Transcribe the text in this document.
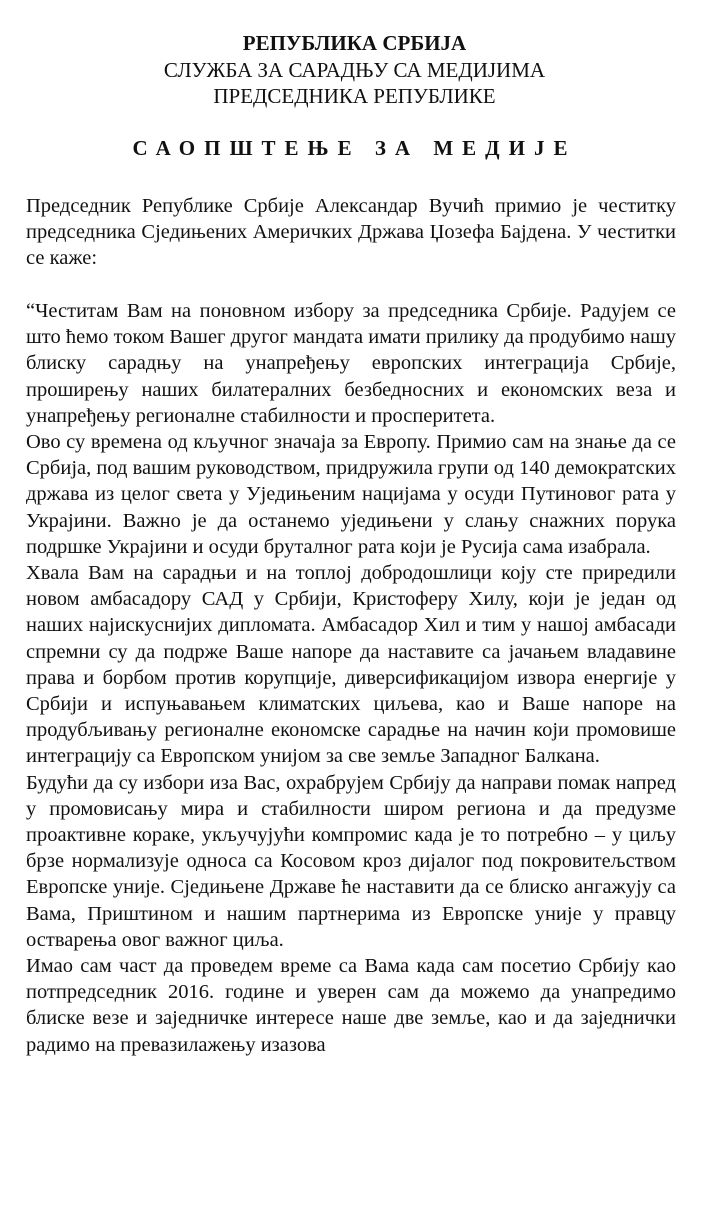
РЕПУБЛИКА СРБИЈА
СЛУЖБА ЗА САРАДЊУ СА МЕДИЈИМА
ПРЕДСЕДНИКА РЕПУБЛИКЕ
САОПШТЕЊЕ ЗА МЕДИЈЕ
Председник Републике Србије Александар Вучић примио је честитку председника Сједињених Америчких Држава Џозефа Бајдена. У честитки се каже:

“Честитам Вам на поновном избору за председника Србије. Радујем се што ћемо током Вашег другог мандата имати прилику да продубимо нашу блиску сарадњу на унапређењу европских интеграција Србије, проширењу наших билатералних безбедносних и економских веза и унапређењу регионалне стабилности и просперитета.

Ово су времена од кључног значаја за Европу. Примио сам на знање да се Србија, под вашим руководством, придружила групи од 140 демократских држава из целог света у Уједињеним нацијама у осуди Путиновог рата у Украјини. Важно је да останемо уједињени у слању снажних порука подршке Украјини и осуди бруталног рата који је Русија сама изабрала.

Хвала Вам на сарадњи и на топлој добродошлици коју сте приредили новом амбасадору САД у Србији, Кристоферу Хилу, који је један од наших најискуснијих дипломата. Амбасадор Хил и тим у нашој амбасади спремни су да подрже Ваше напоре да наставите са јачањем владавине права и борбом против корупције, диверсификацијом извора енергије у Србији и испуњавањем климатских циљева, као и Ваше напоре на продубљивању регионалне економске сарадње на начин који промовише интеграцију са Европском унијом за све земље Западног Балкана.

Будући да су избори иза Вас, охрабрујем Србију да направи помак напред у промовисању мира и стабилности широм региона и да предузме проактивне кораке, укључујући компромис када је то потребно – у циљу брзе нормализује односа са Косовом кроз дијалог под покровитељством Европске уније. Сједињене Државе ће наставити да се блиско ангажују са Вама, Приштином и нашим партнерима из Европске уније у правцу остварења овог важног циља.

Имао сам част да проведем време са Вама када сам посетио Србију као потпредседник 2016. године и уверен сам да можемо да унапредимо блиске везе и заједничке интересе наше две земље, као и да заједнички радимо на превазилажењу изазова
